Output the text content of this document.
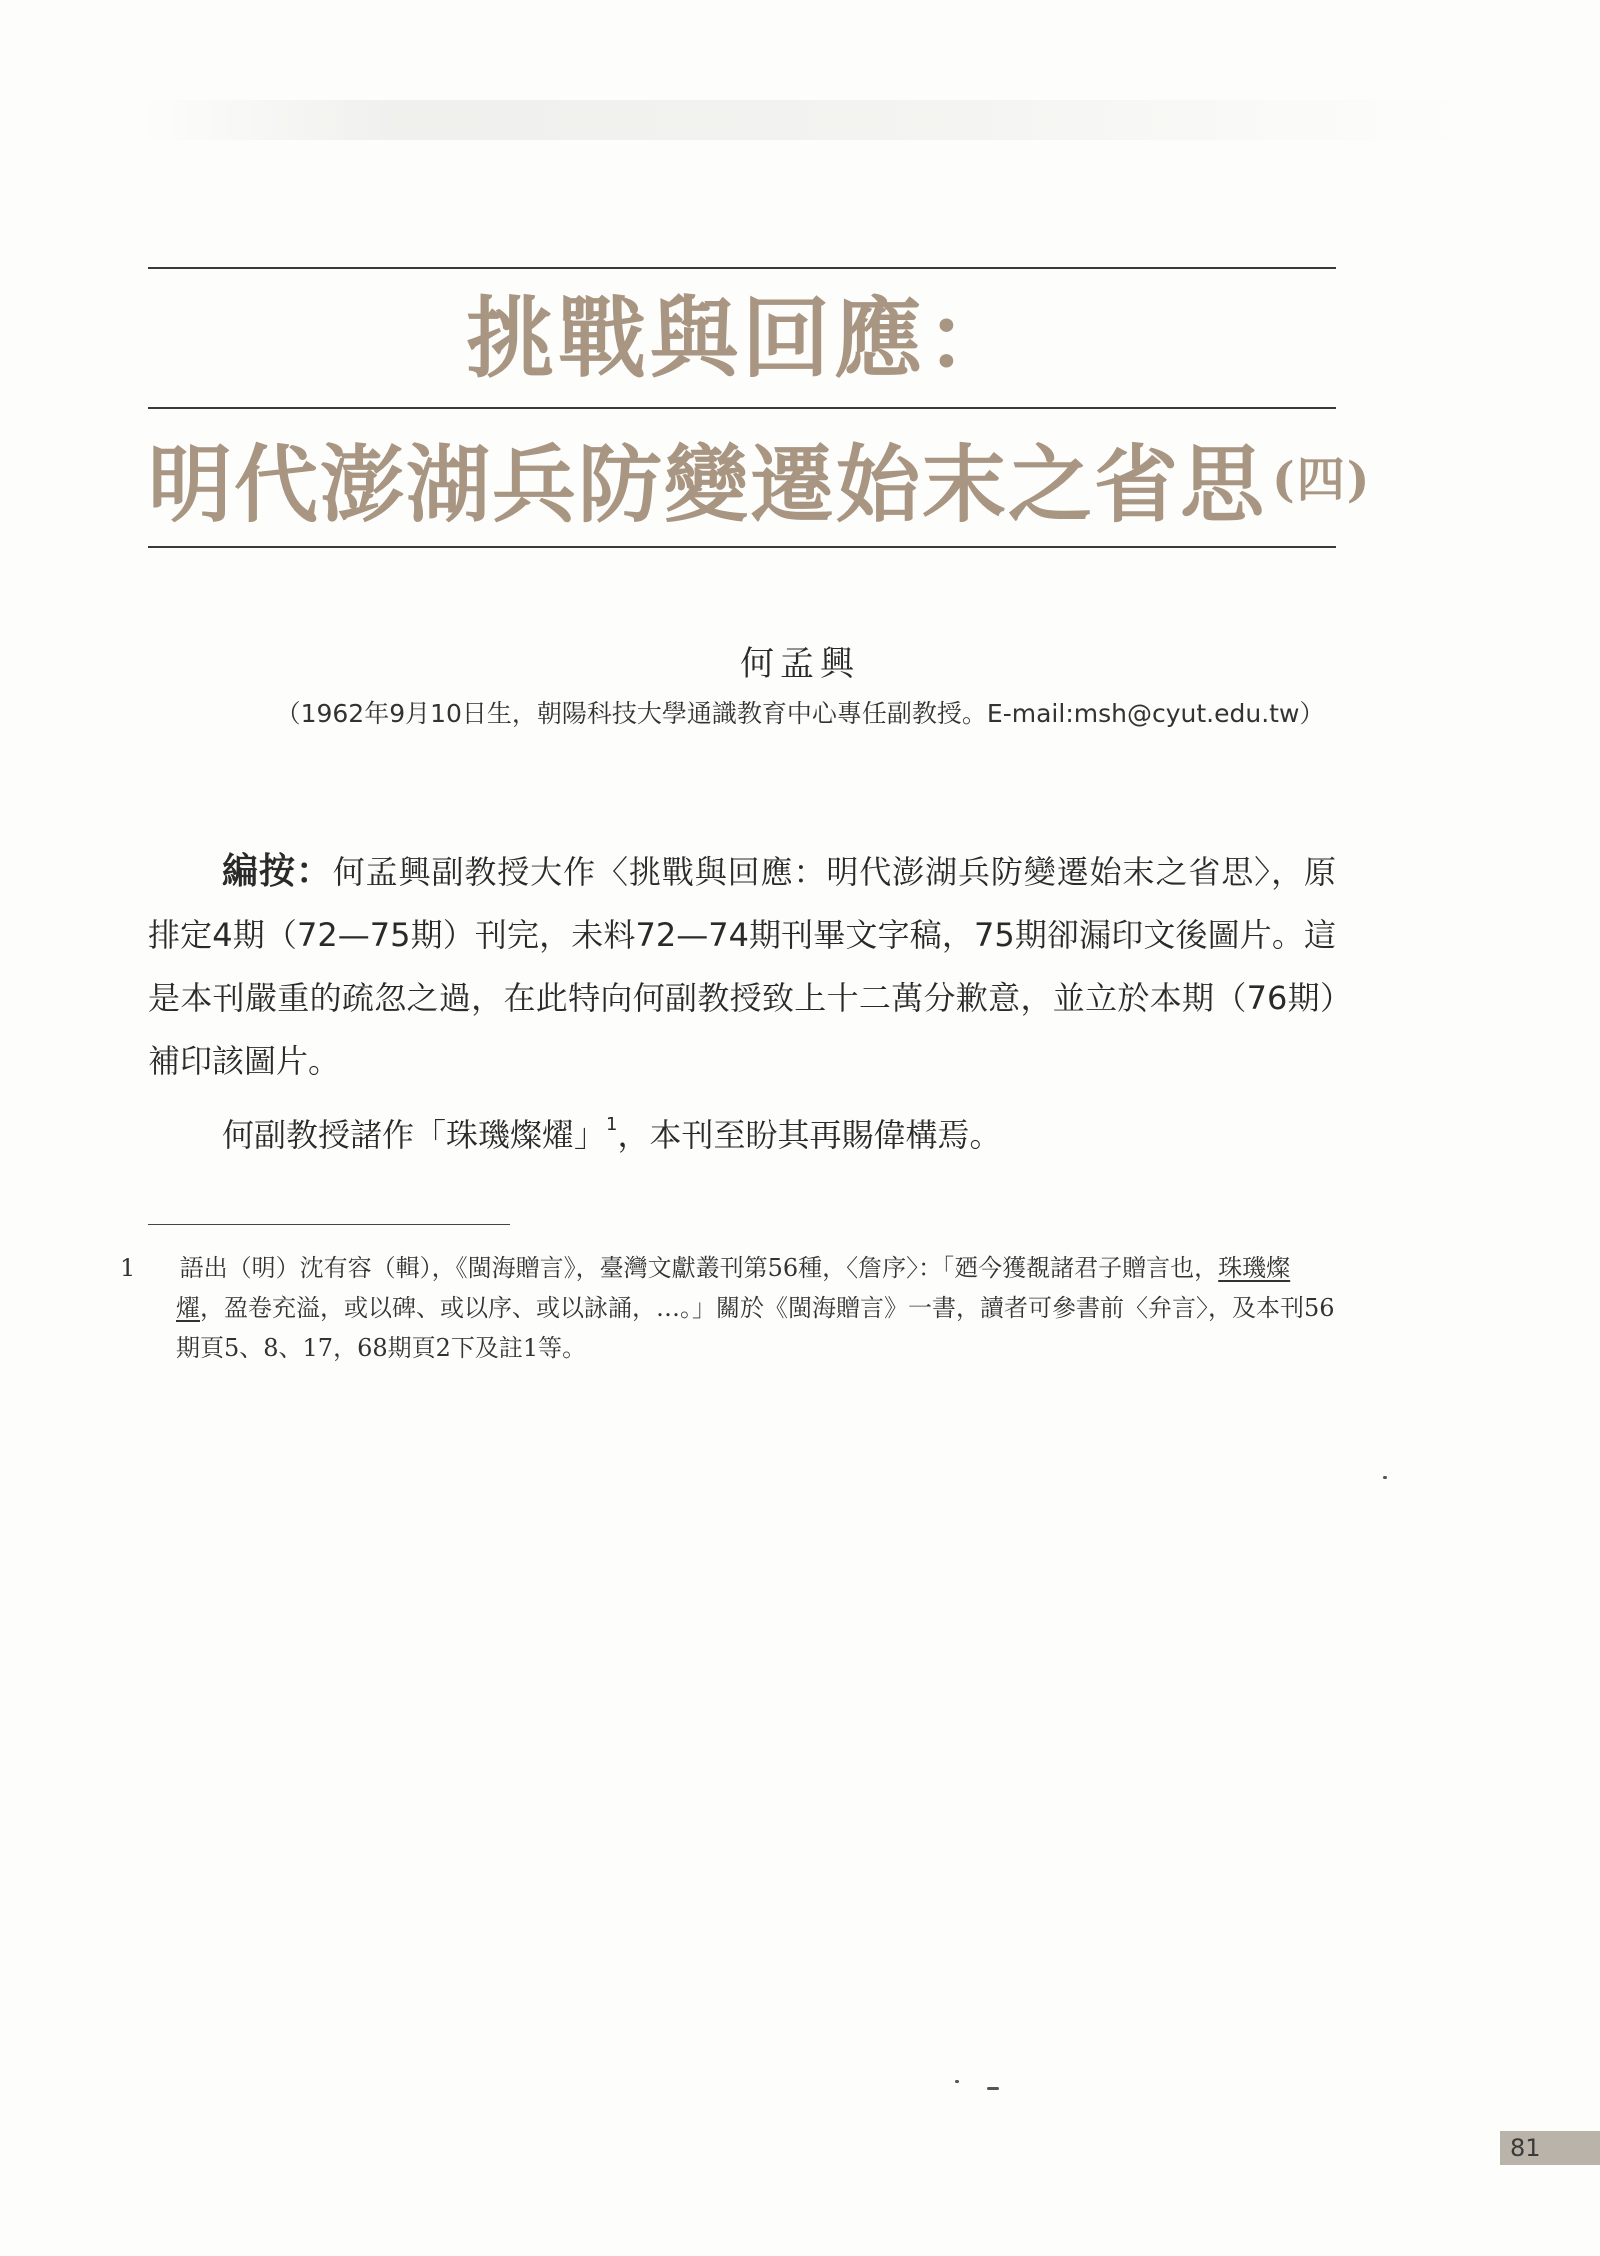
挑戰與回應：
明代澎湖兵防變遷始末之省思 $^{(四)}$
何孟興
（1962年9月10日生，朝陽科技大學通識教育中心專任副教授。E-mail:msh@cyut.edu.tw）

編按：何孟興副教授大作〈挑戰與回應：明代澎湖兵防變遷始末之省思〉，原排定4期（72—75期）刊完，未料72—74期刊畢文字稿，75期卻漏印文後圖片。這是本刊嚴重的疏忽之過，在此特向何副教授致上十二萬分歉意，並立於本期（76期）補印該圖片。

何副教授諸作「珠璣燦燿」$^1$，本刊至盼其再賜偉構焉。

1 語出（明）沈有容（輯），《閩海贈言》，臺灣文獻叢刊第56種，〈詹序〉：「廼今獲覩諸君子贈言也，珠璣燦燿，盈卷充溢，或以碑、或以序、或以詠誦，…。」關於《閩海贈言》一書，讀者可參書前〈弁言〉，及本刊56期頁5、8、17，68期頁2下及註1等。
81
